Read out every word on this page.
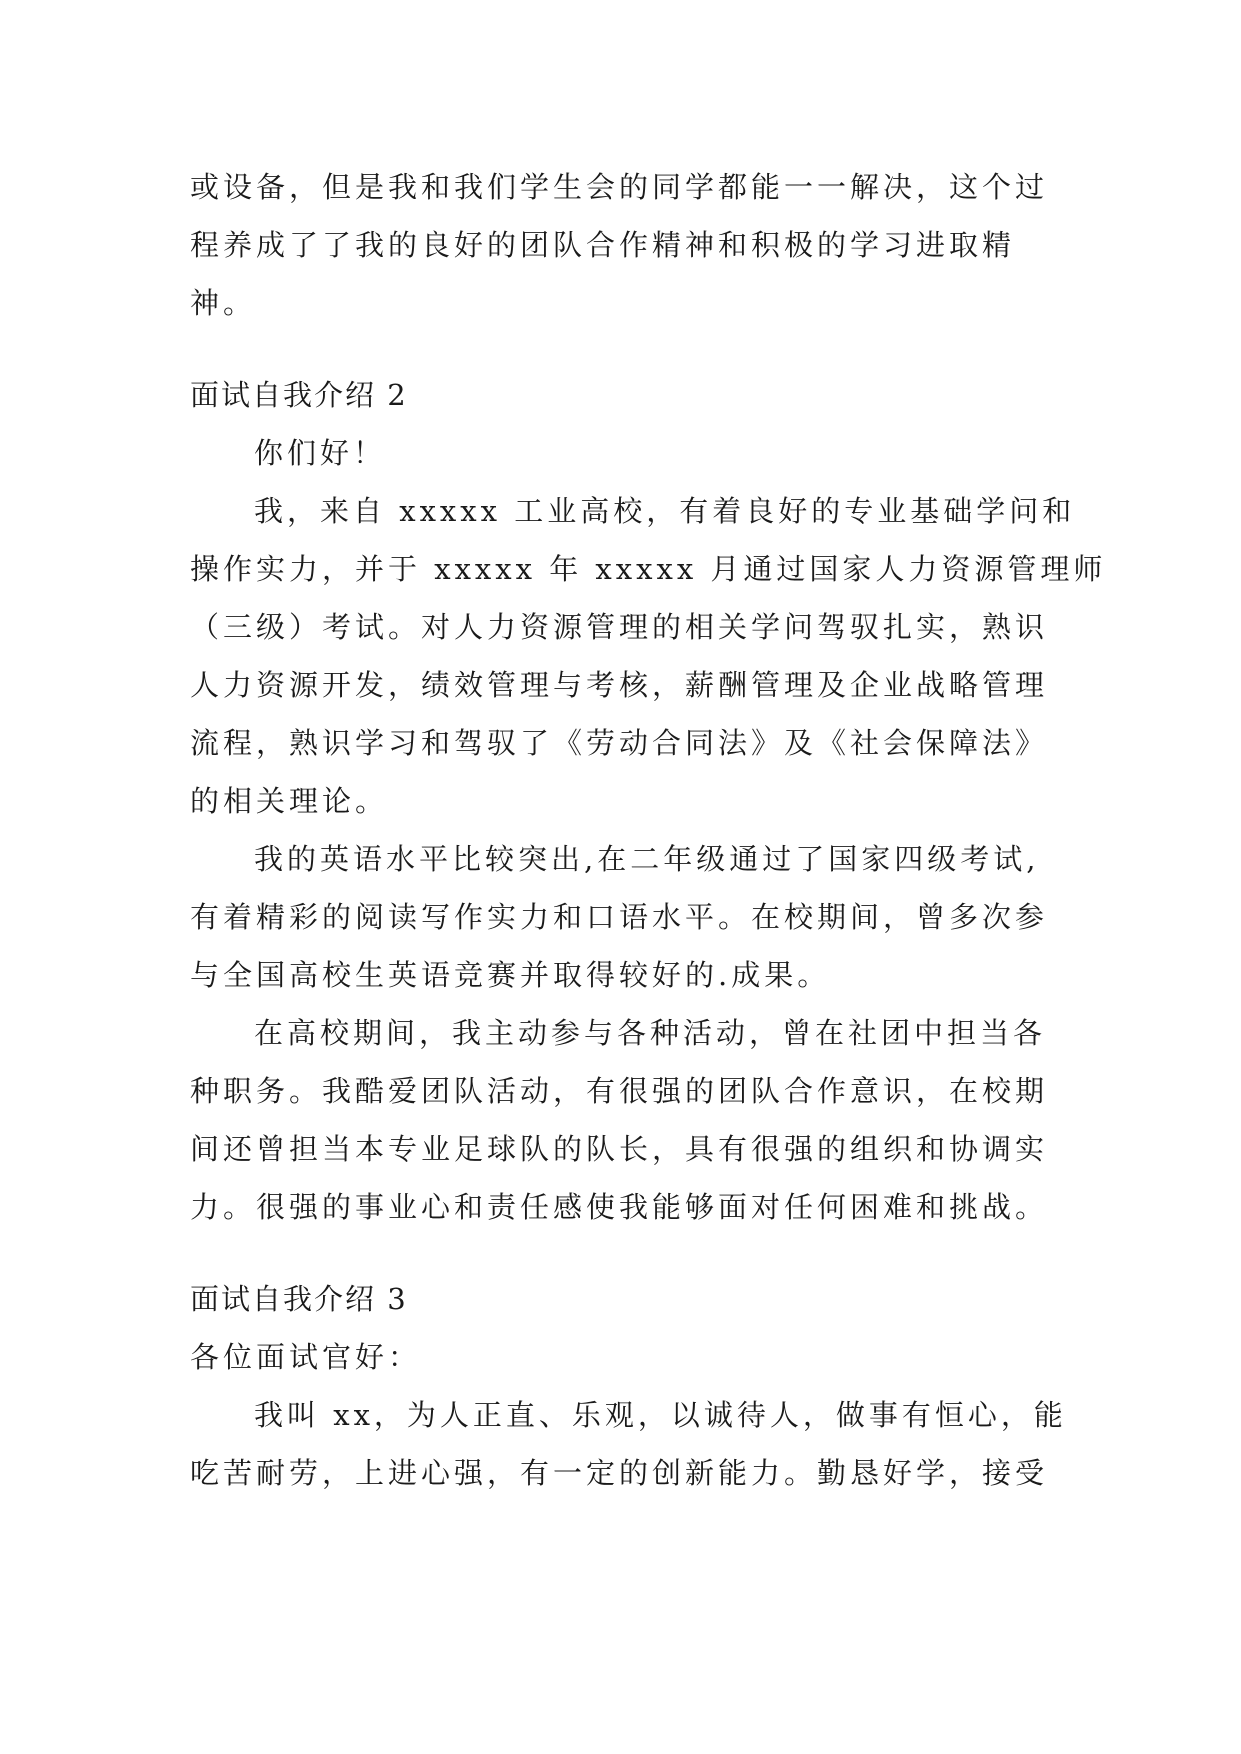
或设备，但是我和我们学生会的同学都能一一解决，这个过
程养成了了我的良好的团队合作精神和积极的学习进取精
神。
面试自我介绍 2
你们好！
我，来自 xxxxx 工业高校，有着良好的专业基础学问和
操作实力，并于 xxxxx 年 xxxxx 月通过国家人力资源管理师
（三级）考试。对人力资源管理的相关学问驾驭扎实，熟识
人力资源开发，绩效管理与考核，薪酬管理及企业战略管理
流程，熟识学习和驾驭了《劳动合同法》及《社会保障法》
的相关理论。
我的英语水平比较突出,在二年级通过了国家四级考试,
有着精彩的阅读写作实力和口语水平。在校期间，曾多次参
与全国高校生英语竞赛并取得较好的.成果。
在高校期间，我主动参与各种活动，曾在社团中担当各
种职务。我酷爱团队活动，有很强的团队合作意识，在校期
间还曾担当本专业足球队的队长，具有很强的组织和协调实
力。很强的事业心和责任感使我能够面对任何困难和挑战。
面试自我介绍 3
各位面试官好：
我叫 xx，为人正直、乐观，以诚待人，做事有恒心，能
吃苦耐劳，上进心强，有一定的创新能力。勤恳好学，接受
